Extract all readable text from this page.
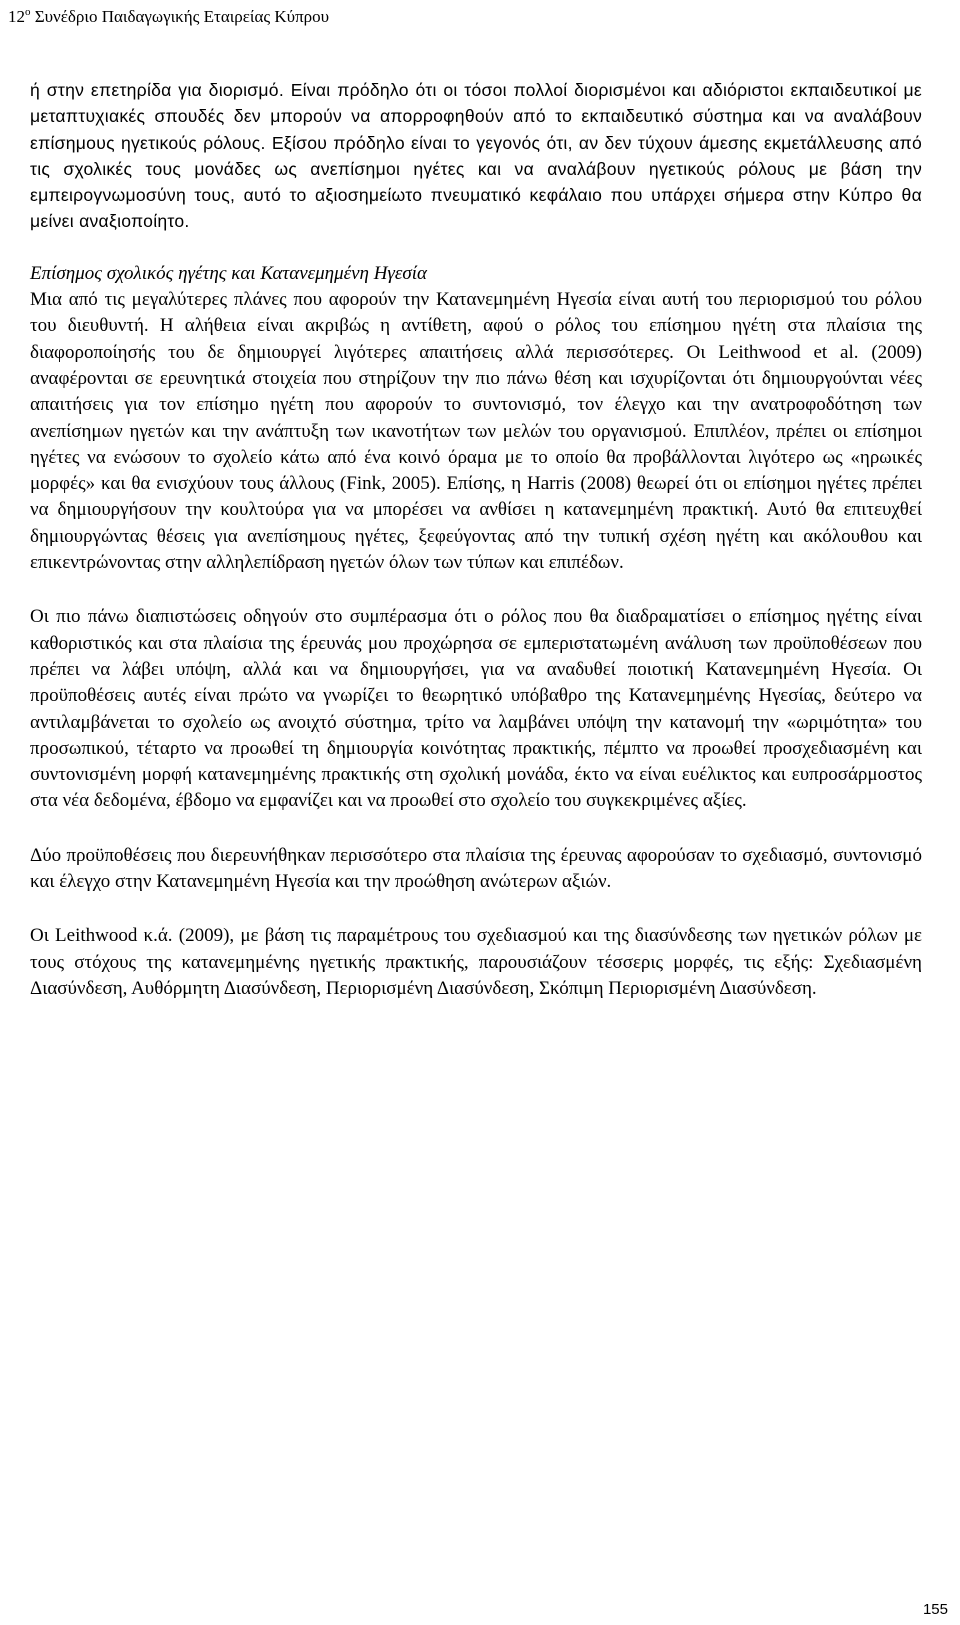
$12^o$ Συνέδριο Παιδαγωγικής Εταιρείας Κύπρου

ή στην επετηρίδα για διορισμό. Είναι πρόδηλο ότι οι τόσοι πολλοί διορισμένοι και αδιόριστοι εκπαιδευτικοί με μεταπτυχιακές σπουδές δεν μπορούν να απορροφηθούν από το εκπαιδευτικό σύστημα και να αναλάβουν επίσημους ηγετικούς ρόλους. Εξίσου πρόδηλο είναι το γεγονός ότι, αν δεν τύχουν άμεσης εκμετάλλευσης από τις σχολικές τους μονάδες ως ανεπίσημοι ηγέτες και να αναλάβουν ηγετικούς ρόλους με βάση την εμπειρογνωμοσύνη τους, αυτό το αξιοσημείωτο πνευματικό κεφάλαιο που υπάρχει σήμερα στην Κύπρο θα μείνει αναξιοποίητο.

Επίσημος σχολικός ηγέτης και Κατανεμημένη Ηγεσία

Μια από τις μεγαλύτερες πλάνες που αφορούν την Κατανεμημένη Ηγεσία είναι αυτή του περιορισμού του ρόλου του διευθυντή. Η αλήθεια είναι ακριβώς η αντίθετη, αφού ο ρόλος του επίσημου ηγέτη στα πλαίσια της διαφοροποίησής του δε δημιουργεί λιγότερες απαιτήσεις αλλά περισσότερες. Οι Leithwood et al. (2009) αναφέρονται σε ερευνητικά στοιχεία που στηρίζουν την πιο πάνω θέση και ισχυρίζονται ότι δημιουργούνται νέες απαιτήσεις για τον επίσημο ηγέτη που αφορούν το συντονισμό, τον έλεγχο και την ανατροφοδότηση των ανεπίσημων ηγετών και την ανάπτυξη των ικανοτήτων των μελών του οργανισμού. Επιπλέον, πρέπει οι επίσημοι ηγέτες να ενώσουν το σχολείο κάτω από ένα κοινό όραμα με το οποίο θα προβάλλονται λιγότερο ως «ηρωικές μορφές» και θα ενισχύουν τους άλλους (Fink, 2005). Επίσης, η Harris (2008) θεωρεί ότι οι επίσημοι ηγέτες πρέπει να δημιουργήσουν την κουλτούρα για να μπορέσει να ανθίσει η κατανεμημένη πρακτική. Αυτό θα επιτευχθεί δημιουργώντας θέσεις για ανεπίσημους ηγέτες, ξεφεύγοντας από την τυπική σχέση ηγέτη και ακόλουθου και επικεντρώνοντας στην αλληλεπίδραση ηγετών όλων των τύπων και επιπέδων.

Οι πιο πάνω διαπιστώσεις οδηγούν στο συμπέρασμα ότι ο ρόλος που θα διαδραματίσει ο επίσημος ηγέτης είναι καθοριστικός και στα πλαίσια της έρευνάς μου προχώρησα σε εμπεριστατωμένη ανάλυση των προϋποθέσεων που πρέπει να λάβει υπόψη, αλλά και να δημιουργήσει, για να αναδυθεί ποιοτική Κατανεμημένη Ηγεσία. Οι προϋποθέσεις αυτές είναι πρώτο να γνωρίζει το θεωρητικό υπόβαθρο της Κατανεμημένης Ηγεσίας, δεύτερο να αντιλαμβάνεται το σχολείο ως ανοιχτό σύστημα, τρίτο να λαμβάνει υπόψη την κατανομή την «ωριμότητα» του προσωπικού, τέταρτο να προωθεί τη δημιουργία κοινότητας πρακτικής, πέμπτο να προωθεί προσχεδιασμένη και συντονισμένη μορφή κατανεμημένης πρακτικής στη σχολική μονάδα, έκτο να είναι ευέλικτος και ευπροσάρμοστος στα νέα δεδομένα, έβδομο να εμφανίζει και να προωθεί στο σχολείο του συγκεκριμένες αξίες.

Δύο προϋποθέσεις που διερευνήθηκαν περισσότερο στα πλαίσια της έρευνας αφορούσαν το σχεδιασμό, συντονισμό και έλεγχο στην Κατανεμημένη Ηγεσία και την προώθηση ανώτερων αξιών.

Οι Leithwood κ.ά. (2009), με βάση τις παραμέτρους του σχεδιασμού και της διασύνδεσης των ηγετικών ρόλων με τους στόχους της κατανεμημένης ηγετικής πρακτικής, παρουσιάζουν τέσσερις μορφές, τις εξής: Σχεδιασμένη Διασύνδεση, Αυθόρμητη Διασύνδεση, Περιορισμένη Διασύνδεση, Σκόπιμη Περιορισμένη Διασύνδεση.

155
